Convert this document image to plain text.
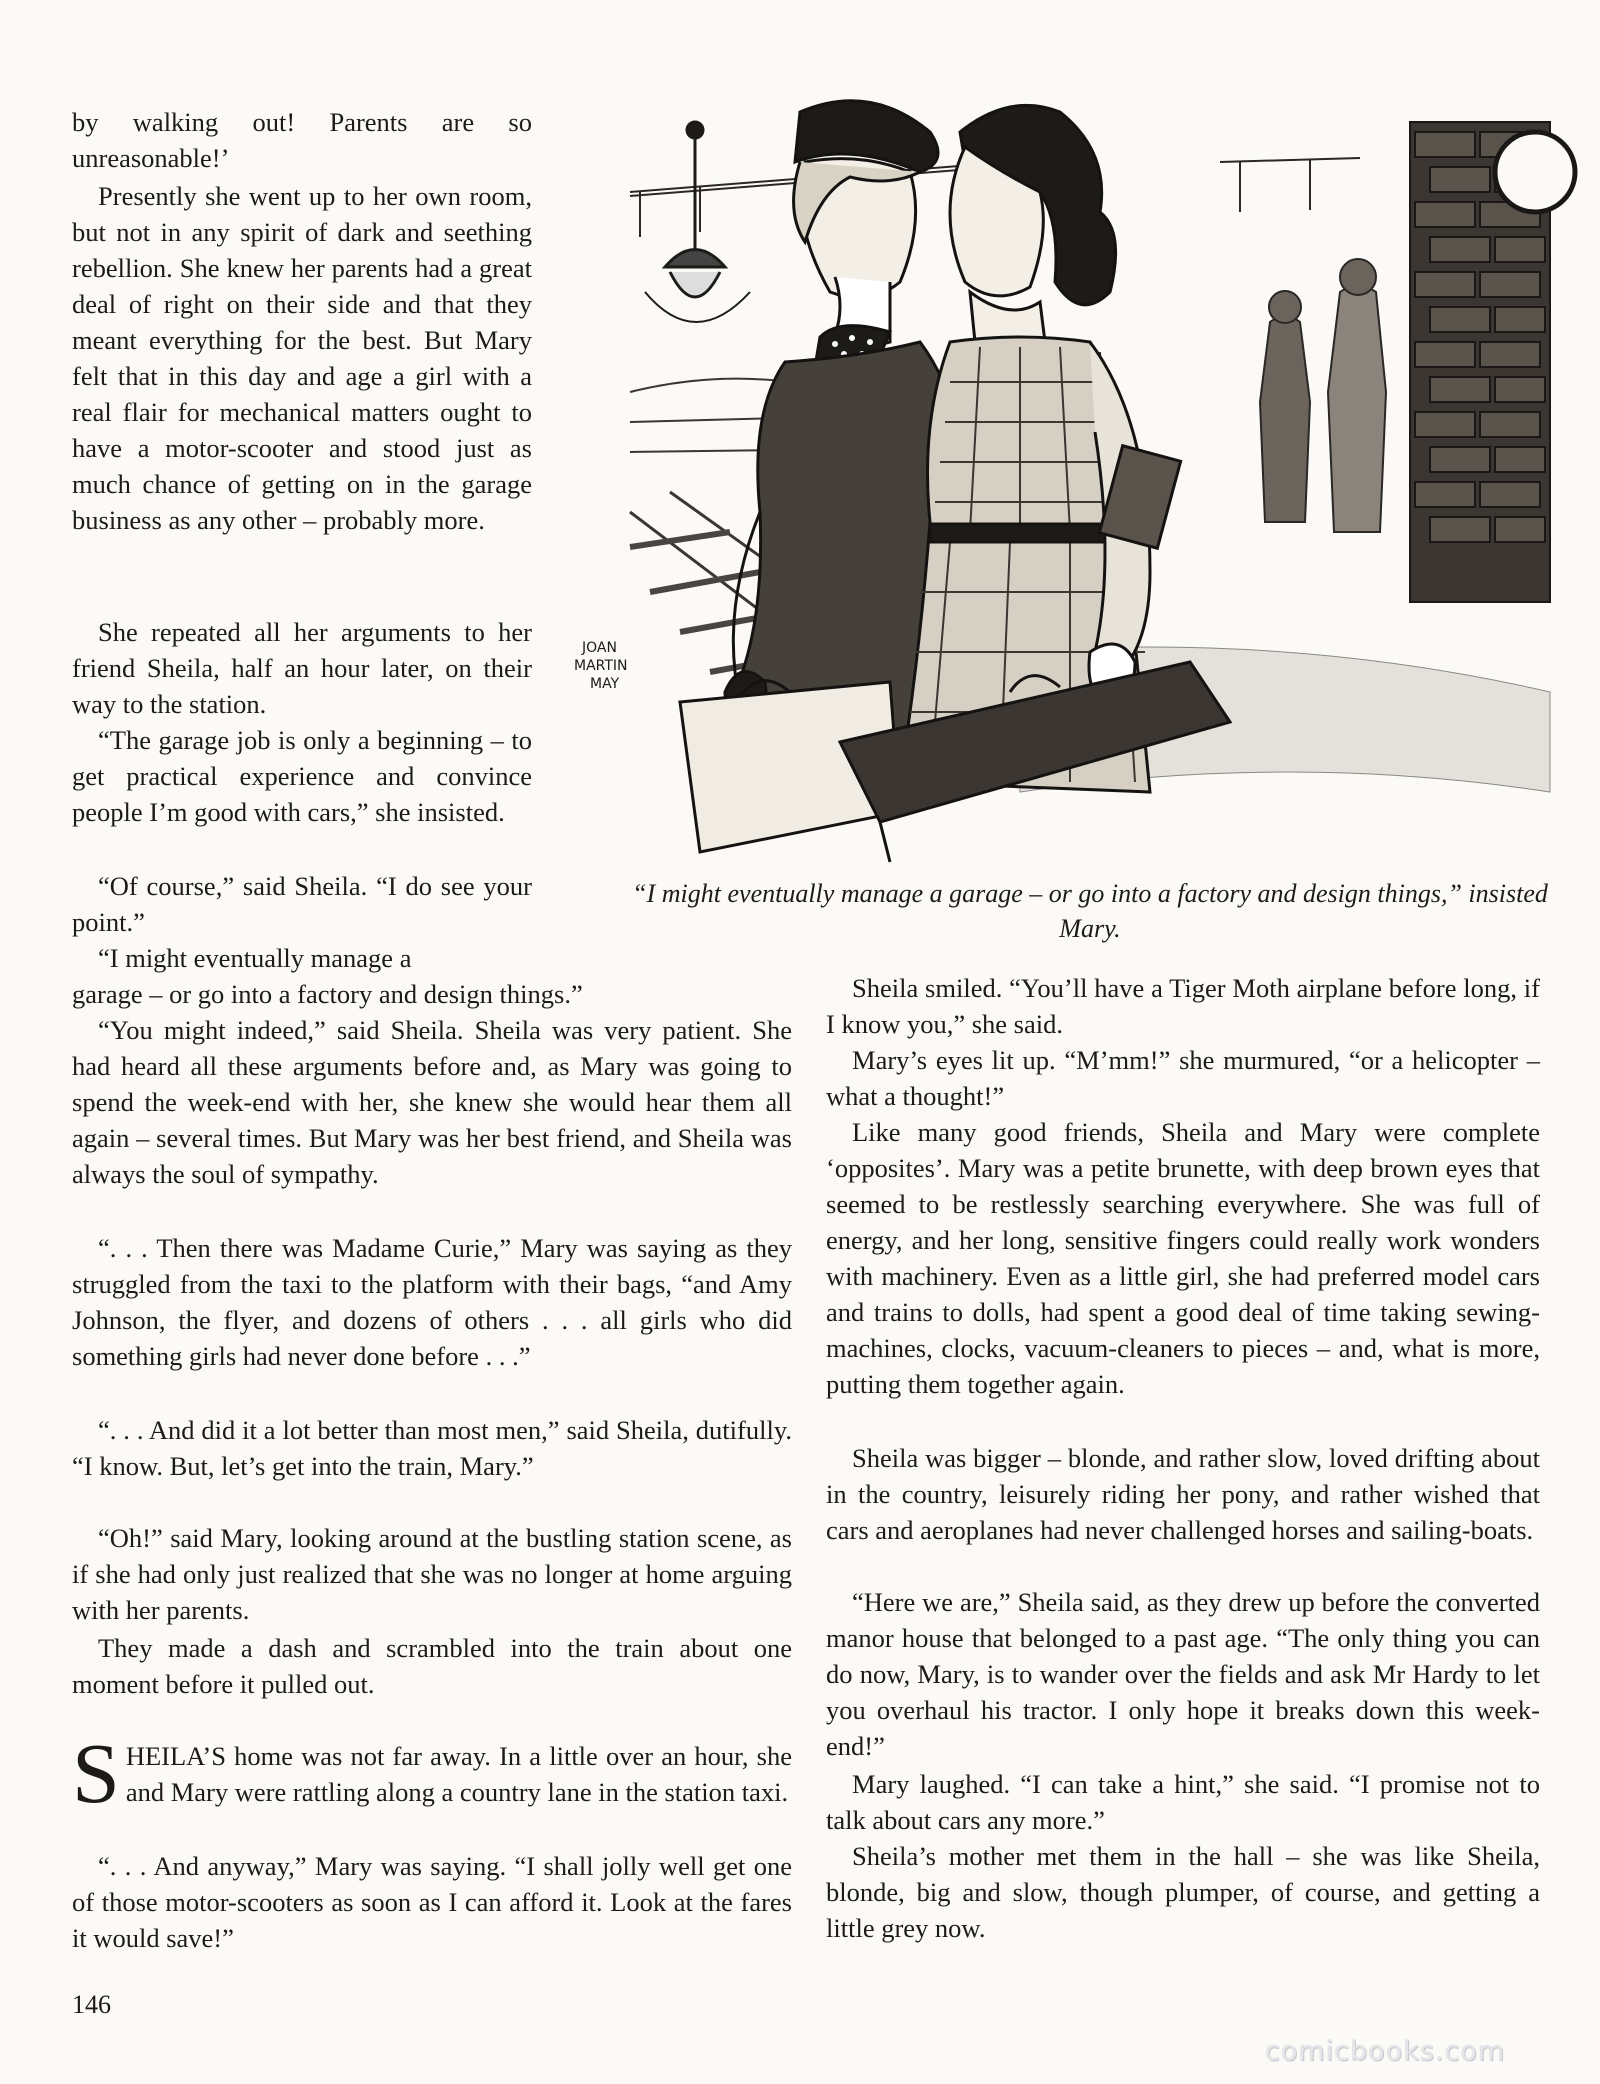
by walking out! Parents are so unreasonable!’

Presently she went up to her own room, but not in any spirit of dark and seething rebellion. She knew her parents had a great deal of right on their side and that they meant everything for the best. But Mary felt that in this day and age a girl with a real flair for mechanical matters ought to have a motor-scooter and stood just as much chance of getting on in the garage business as any other – probably more.

She repeated all her arguments to her friend Sheila, half an hour later, on their way to the station.

“The garage job is only a beginning – to get practical experience and convince people I’m good with cars,” she insisted.

“Of course,” said Sheila. “I do see your point.”

“I might eventually manage a

garage – or go into a factory and design things.”

“You might indeed,” said Sheila. Sheila was very patient. She had heard all these arguments before and, as Mary was going to spend the week-end with her, she knew she would hear them all again – several times. But Mary was her best friend, and Sheila was always the soul of sympathy.

“. . . Then there was Madame Curie,” Mary was saying as they struggled from the taxi to the platform with their bags, “and Amy Johnson, the flyer, and dozens of others . . . all girls who did something girls had never done before . . .”

“. . . And did it a lot better than most men,” said Sheila, dutifully. “I know. But, let’s get into the train, Mary.”

“Oh!” said Mary, looking around at the bustling station scene, as if she had only just realized that she was no longer at home arguing with her parents.

They made a dash and scrambled into the train about one moment before it pulled out.

SHEILA’S home was not far away. In a little over an hour, she and Mary were rattling along a country lane in the station taxi.

“. . . And anyway,” Mary was saying. “I shall jolly well get one of those motor-scooters as soon as I can afford it. Look at the fares it would save!”

JOAN
MARTIN
MAY
“I might eventually manage a garage – or go into a factory and design things,” insisted Mary.

Sheila smiled. “You’ll have a Tiger Moth airplane before long, if I know you,” she said.

Mary’s eyes lit up. “M’mm!” she murmured, “or a helicopter – what a thought!”

Like many good friends, Sheila and Mary were complete ‘opposites’. Mary was a petite brunette, with deep brown eyes that seemed to be restlessly searching everywhere. She was full of energy, and her long, sensitive fingers could really work wonders with machinery. Even as a little girl, she had preferred model cars and trains to dolls, had spent a good deal of time taking sewing-machines, clocks, vacuum-cleaners to pieces – and, what is more, putting them together again.

Sheila was bigger – blonde, and rather slow, loved drifting about in the country, leisurely riding her pony, and rather wished that cars and aeroplanes had never challenged horses and sailing-boats.

“Here we are,” Sheila said, as they drew up before the converted manor house that belonged to a past age. “The only thing you can do now, Mary, is to wander over the fields and ask Mr Hardy to let you overhaul his tractor. I only hope it breaks down this week-end!”

Mary laughed. “I can take a hint,” she said. “I promise not to talk about cars any more.”

Sheila’s mother met them in the hall – she was like Sheila, blonde, big and slow, though plumper, of course, and getting a little grey now.

146
comicbooks.com
